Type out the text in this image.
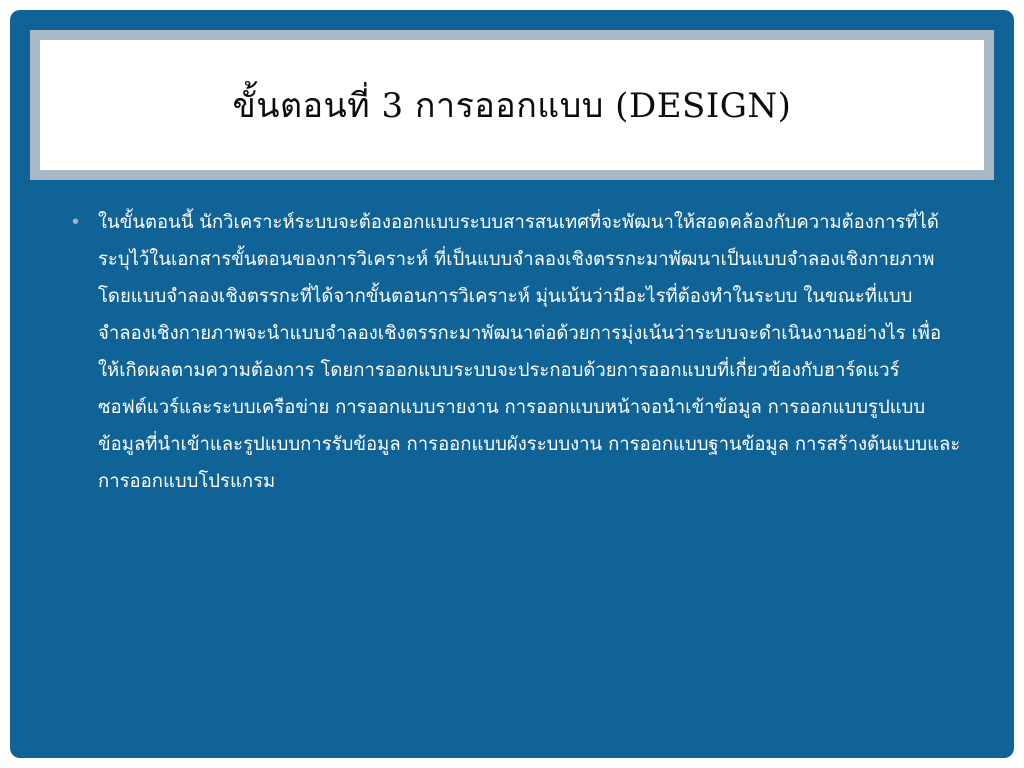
ขั้นตอนที่ 3 การออกแบบ (DESIGN)
•	ในขั้นตอนนี้ นักวิเคราะห์ระบบจะต้องออกแบบระบบสารสนเทศที่จะพัฒนาให้สอดคล้องกับความต้องการที่ได้ระบุไว้ในเอกสารขั้นตอนของการวิเคราะห์ ที่เป็นแบบจำลองเชิงตรรกะมาพัฒนาเป็นแบบจำลองเชิงกายภาพ โดยแบบจำลองเชิงตรรกะที่ได้จากขั้นตอนการวิเคราะห์ มุ่นเน้นว่ามีอะไรที่ต้องทำในระบบ ในขณะที่แบบจำลองเชิงกายภาพจะนำแบบจำลองเชิงตรรกะมาพัฒนาต่อด้วยการมุ่งเน้นว่าระบบจะดำเนินงานอย่างไร เพื่อให้เกิดผลตามความต้องการ โดยการออกแบบระบบจะประกอบด้วยการออกแบบที่เกี่ยวข้องกับฮาร์ดแวร์ ซอฟต์แวร์และระบบเครือข่าย การออกแบบรายงาน การออกแบบหน้าจอนำเข้าข้อมูล การออกแบบรูปแบบข้อมูลที่นำเข้าและรูปแบบการรับข้อมูล การออกแบบผังระบบงาน การออกแบบฐานข้อมูล การสร้างต้นแบบและการออกแบบโปรแกรม
